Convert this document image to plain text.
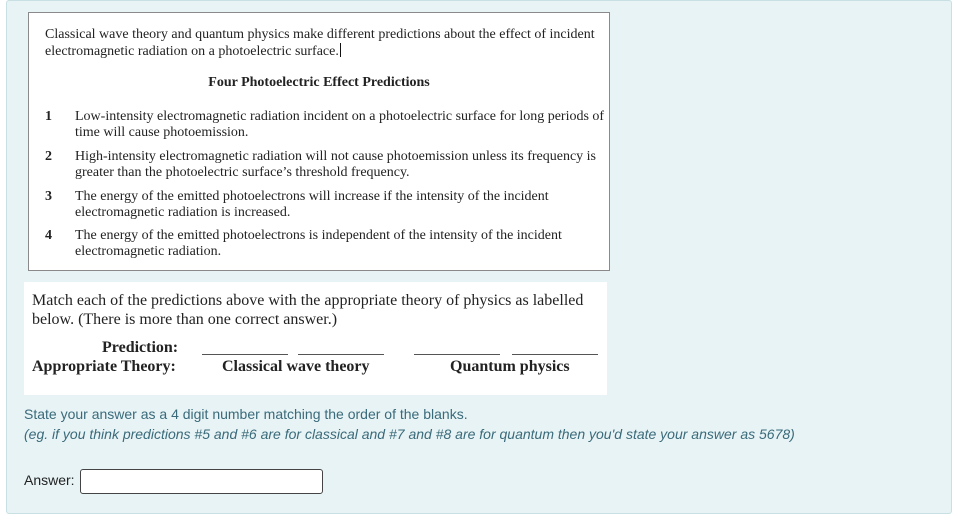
Classical wave theory and quantum physics make different predictions about the effect of incident electromagnetic radiation on a photoelectric surface.
Four Photoelectric Effect Predictions
1	Low-intensity electromagnetic radiation incident on a photoelectric surface for long periods of time will cause photoemission.
2	High-intensity electromagnetic radiation will not cause photoemission unless its frequency is greater than the photoelectric surface’s threshold frequency.
3	The energy of the emitted photoelectrons will increase if the intensity of the incident electromagnetic radiation is increased.
4	The energy of the emitted photoelectrons is independent of the intensity of the incident electromagnetic radiation.
Match each of the predictions above with the appropriate theory of physics as labelled below. (There is more than one correct answer.)
Prediction:
Appropriate Theory:	Classical wave theory	Quantum physics
State your answer as a 4 digit number matching the order of the blanks.
(eg. if you think predictions #5 and #6 are for classical and #7 and #8 are for quantum then you'd state your answer as 5678)
Answer:
